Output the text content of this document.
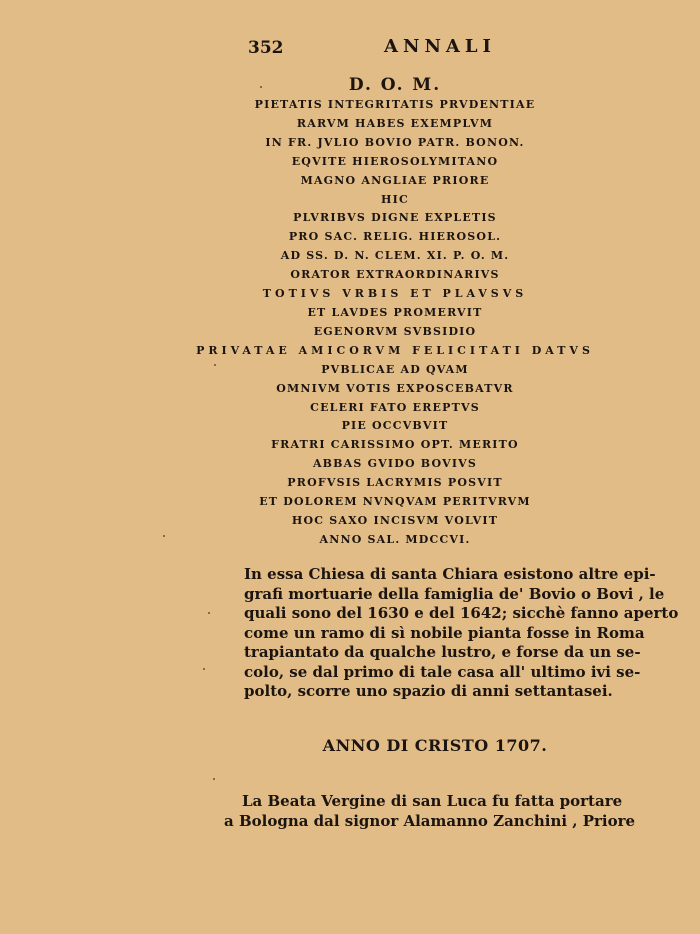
352	ANNALI
D. O. M.
PIETATIS INTEGRITATIS PRVDENTIAE
RARVM HABES EXEMPLVM
IN FR. JVLIO BOVIO PATR. BONON.
EQVITE HIEROSOLYMITANO
MAGNO ANGLIAE PRIORE
HIC
PLVRIBVS DIGNE EXPLETIS
PRO SAC. RELIG. HIEROSOL.
AD SS. D. N. CLEM. XI. P. O. M.
ORATOR EXTRAORDINARIVS
TOTIVS VRBIS ET PLAVSVS
ET LAVDES PROMERVIT
EGENORVM SVBSIDIO
PRIVATAE AMICORVM FELICITATI DATVS
PVBLICAE AD QVAM
OMNIVM VOTIS EXPOSCEBATVR
CELERI FATO EREPTVS
PIE OCCVBVIT
FRATRI CARISSIMO OPT. MERITO
ABBAS GVIDO BOVIVS
PROFVSIS LACRYMIS POSVIT
ET DOLOREM NVNQVAM PERITVRVM
HOC SAXO INCISVM VOLVIT
ANNO SAL. MDCCVI.
In essa Chiesa di santa Chiara esistono altre epi-
grafi mortuarie della famiglia de' Bovio o Bovi , le
quali sono del 1630 e del 1642; sicchè fanno aperto
come un ramo di sì nobile pianta fosse in Roma
trapiantato da qualche lustro, e forse da un se-
colo, se dal primo di tale casa all' ultimo ivi se-
polto, scorre uno spazio di anni settantasei.
ANNO DI CRISTO 1707.
La Beata Vergine di san Luca fu fatta portare
a Bologna dal signor Alamanno Zanchini , Priore
